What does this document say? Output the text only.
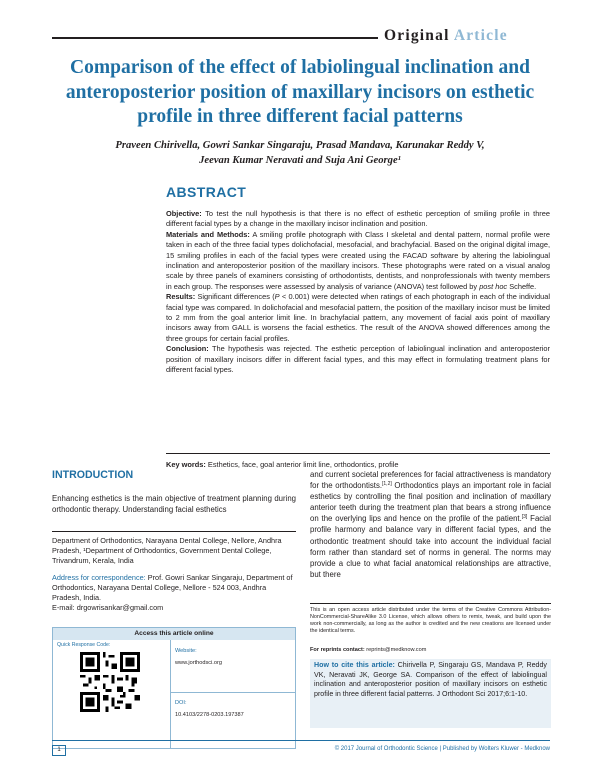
Original Article
Comparison of the effect of labiolingual inclination and anteroposterior position of maxillary incisors on esthetic profile in three different facial patterns
Praveen Chirivella, Gowri Sankar Singaraju, Prasad Mandava, Karunakar Reddy V,
Jeevan Kumar Neravati and Suja Ani George¹
ABSTRACT

Objective: To test the null hypothesis is that there is no effect of esthetic perception of smiling profile in three different facial types by a change in the maxillary incisor inclination and position.

Materials and Methods: A smiling profile photograph with Class I skeletal and dental pattern, normal profile were taken in each of the three facial types dolichofacial, mesofacial, and brachyfacial. Based on the original digital image, 15 smiling profiles in each of the facial types were created using the FACAD software by altering the labiolingual inclination and anteroposterior position of the maxillary incisors. These photographs were rated on a visual analog scale by three panels of examiners consisting of orthodontists, dentists, and nonprofessionals with twenty members in each group. The responses were assessed by analysis of variance (ANOVA) test followed by post hoc Scheffe.

Results: Significant differences (P < 0.001) were detected when ratings of each photograph in each of the individual facial type was compared. In dolichofacial and mesofacial pattern, the position of the maxillary incisor must be limited to 2 mm from the goal anterior limit line. In brachyfacial pattern, any movement of facial axis point of maxillary incisors away from GALL is worsens the facial esthetics. The result of the ANOVA showed differences among the three groups for certain facial profiles.

Conclusion: The hypothesis was rejected. The esthetic perception of labiolingual inclination and anteroposterior position of maxillary incisors differ in different facial types, and this may effect in formulating treatment plans for different facial types.

Key words: Esthetics, face, goal anterior limit line, orthodontics, profile
INTRODUCTION
Enhancing esthetics is the main objective of treatment planning during orthodontic therapy. Understanding facial esthetics
Department of Orthodontics, Narayana Dental College, Nellore, Andhra Pradesh, ¹Department of Orthodontics, Government Dental College, Trivandrum, Kerala, India
Address for correspondence: Prof. Gowri Sankar Singaraju, Department of Orthodontics, Narayana Dental College, Nellore - 524 003, Andhra Pradesh, India.
E-mail: drgowrisankar@gmail.com
Access this article online
Quick Response Code:
Website:
www.jorthodsci.org
DOI:
10.4103/2278-0203.197387
and current societal preferences for facial attractiveness is mandatory for the orthodontists.[1,2] Orthodontics plays an important role in facial esthetics by controlling the final position and inclination of maxillary anterior teeth during the treatment plan that bears a strong influence on the overlying lips and hence on the profile of the patient.[3] Facial profile harmony and balance vary in different facial types, and the orthodontic treatment should take into account the individual facial form rather than standard set of norms in general. The norms may provide a clue to what facial anatomical relationships are attractive, but there
This is an open access article distributed under the terms of the Creative Commons Attribution-NonCommercial-ShareAlike 3.0 License, which allows others to remix, tweak, and build upon the work non-commercially, as long as the author is credited and the new creations are licensed under the identical terms.
For reprints contact: reprints@medknow.com
How to cite this article: Chirivella P, Singaraju GS, Mandava P, Reddy VK, Neravati JK, George SA. Comparison of the effect of labiolingual inclination and anteroposterior position of maxillary incisors on esthetic profile in three different facial patterns. J Orthodont Sci 2017;6:1-10.
1	© 2017 Journal of Orthodontic Science | Published by Wolters Kluwer - Medknow
